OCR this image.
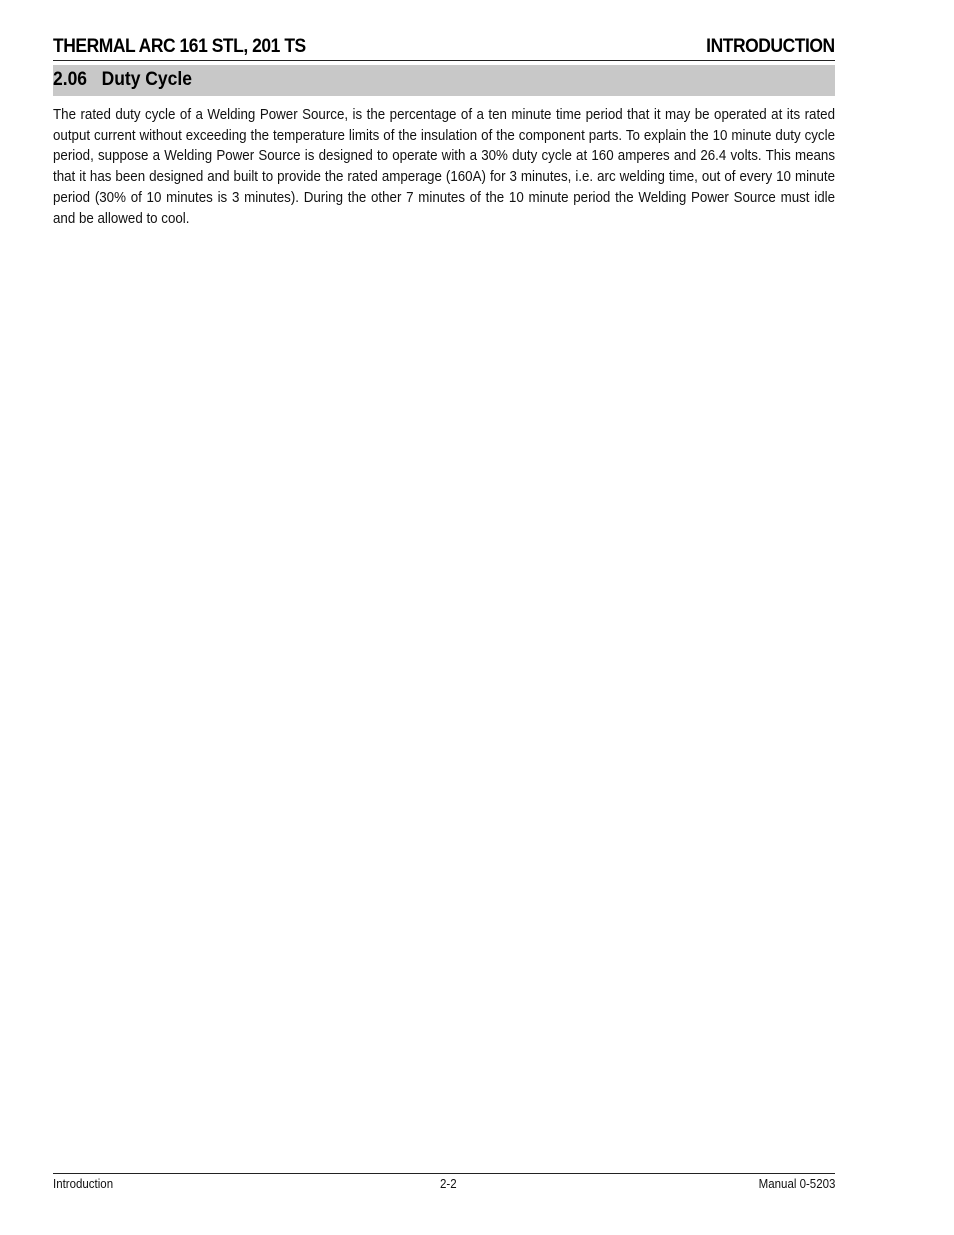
THERMAL ARC 161 STL, 201 TS	INTRODUCTION
2.06   Duty Cycle

The rated duty cycle of a Welding Power Source, is the percentage of a ten minute time period that it may be operated at its rated output current without exceeding the temperature limits of the insulation of the component parts. To explain the 10 minute duty cycle period, suppose a Welding Power Source is designed to operate with a 30% duty cycle at 160 amperes and 26.4 volts. This means that it has been designed and built to provide the rated amperage (160A) for 3 minutes, i.e. arc welding time, out of every 10 minute period (30% of 10 minutes is 3 minutes). During the other 7 minutes of the 10 minute period the Welding Power Source must idle and be allowed to cool.

Introduction	2-2	Manual 0-5203
